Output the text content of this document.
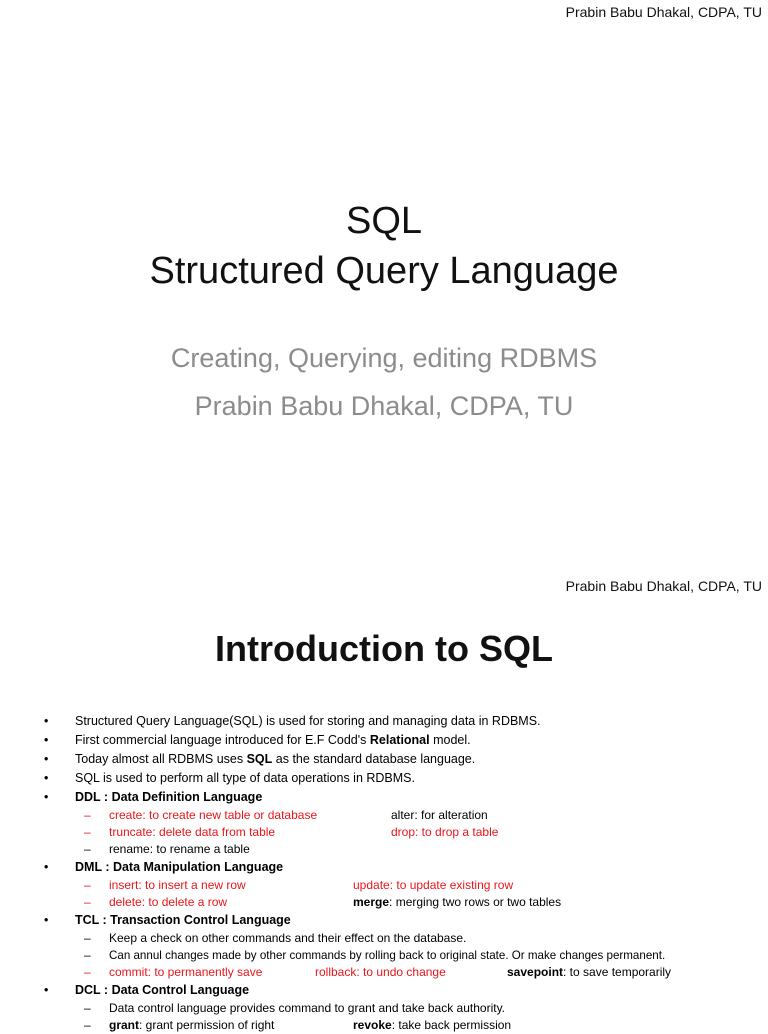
Prabin Babu Dhakal, CDPA, TU
SQL
Structured Query Language
Creating, Querying, editing RDBMS
Prabin Babu Dhakal, CDPA, TU
Prabin Babu Dhakal, CDPA, TU
Introduction to SQL
• Structured Query Language(SQL) is used for storing and managing data in RDBMS.
• First commercial language introduced for E.F Codd's Relational model.
• Today almost all RDBMS uses SQL as the standard database language.
• SQL is used to perform all type of data operations in RDBMS.
• DDL : Data Definition Language
– create: to create new table or database	alter: for alteration
– truncate: delete data from table	drop: to drop a table
– rename: to rename a table
• DML : Data Manipulation Language
– insert: to insert a new row	update: to update existing row
– delete: to delete a row	merge: merging two rows or two tables
• TCL : Transaction Control Language
– Keep a check on other commands and their effect on the database.
– Can annul changes made by other commands by rolling back to original state. Or make changes permanent.
– commit: to permanently save	rollback: to undo change	savepoint: to save temporarily
• DCL : Data Control Language
– Data control language provides command to grant and take back authority.
– grant: grant permission of right	revoke: take back permission
